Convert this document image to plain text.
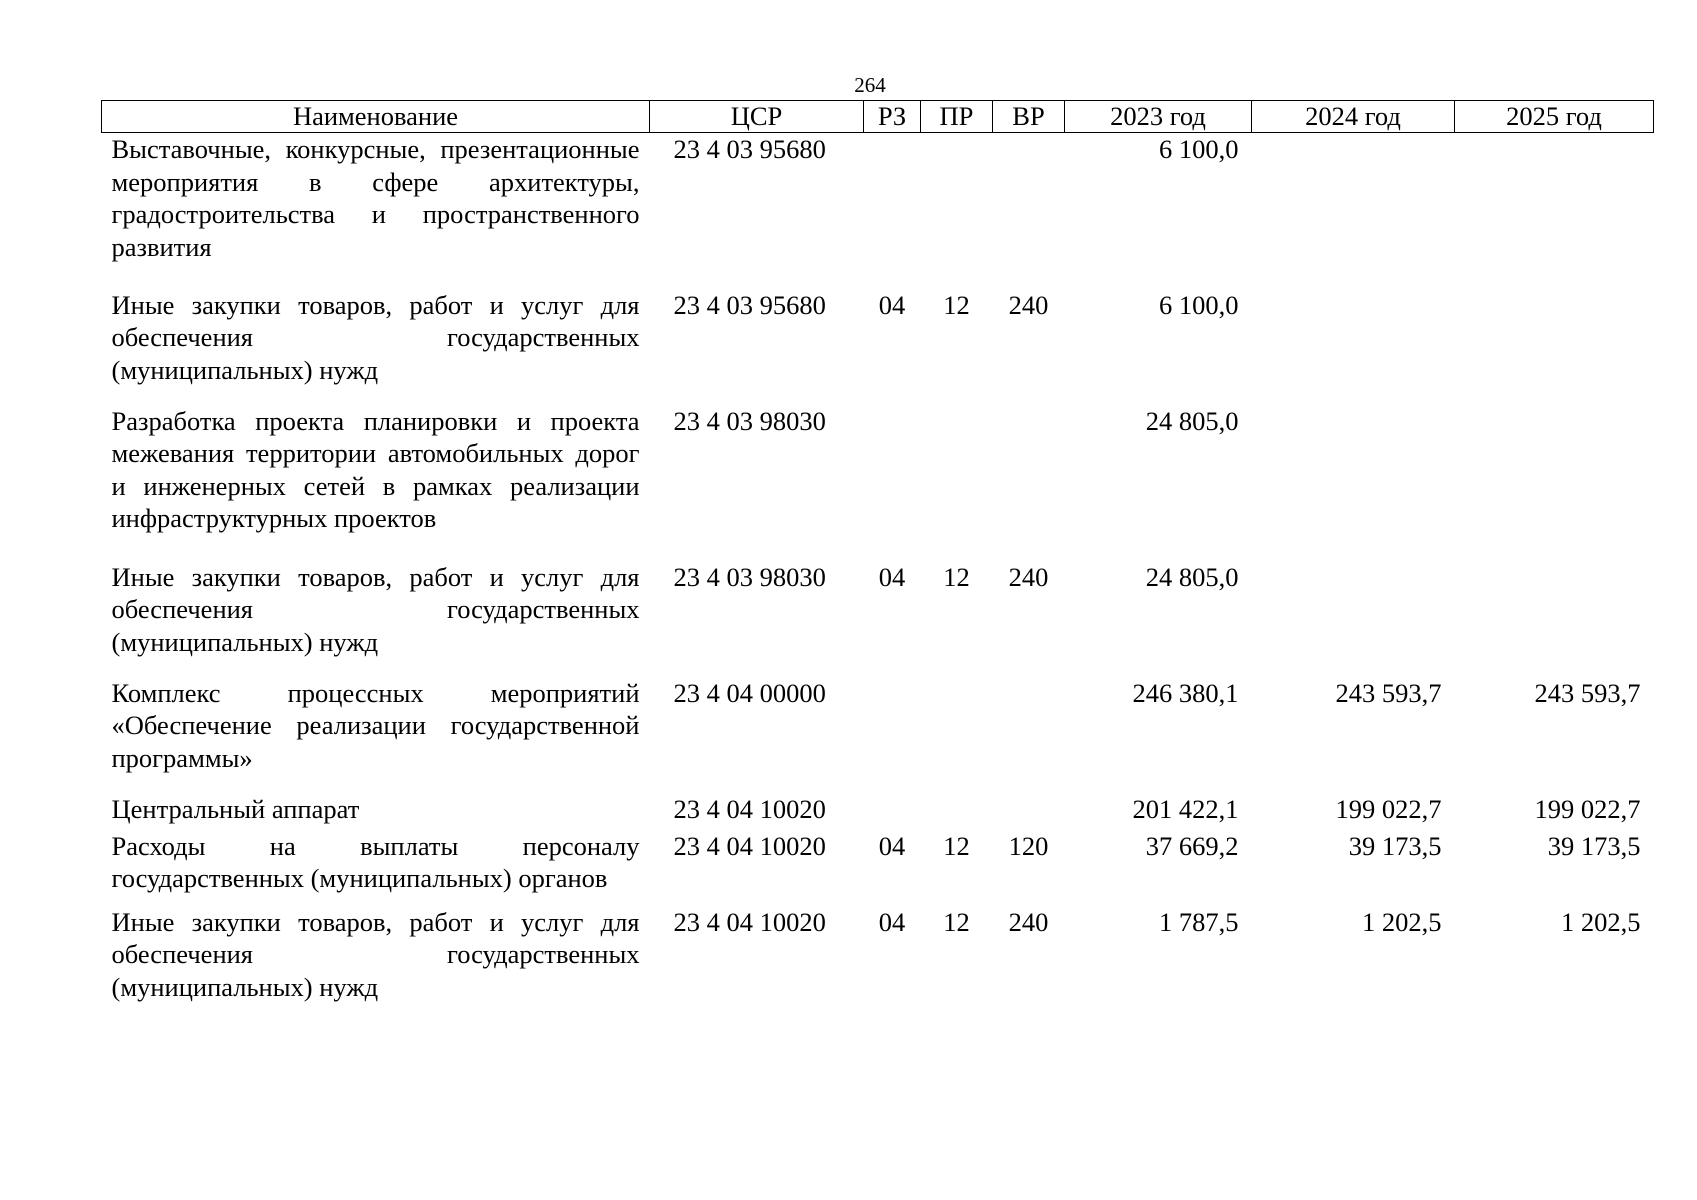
264
Наименование	ЦСР	РЗ	ПР	ВР	2023 год	2024 год	2025 год
Выставочные, конкурсные, презентационные мероприятия в сфере архитектуры, градостроительства и пространственного развития	23 4 03 95680				6 100,0		
Иные закупки товаров, работ и услуг для обеспечения государственных (муниципальных) нужд	23 4 03 95680	04	12	240	6 100,0		
Разработка проекта планировки и проекта межевания территории автомобильных дорог и инженерных сетей в рамках реализации инфраструктурных проектов	23 4 03 98030				24 805,0		
Иные закупки товаров, работ и услуг для обеспечения государственных (муниципальных) нужд	23 4 03 98030	04	12	240	24 805,0		
Комплекс процессных мероприятий «Обеспечение реализации государственной программы»	23 4 04 00000				246 380,1	243 593,7	243 593,7
Центральный аппарат	23 4 04 10020				201 422,1	199 022,7	199 022,7
Расходы на выплаты персоналу государственных (муниципальных) органов	23 4 04 10020	04	12	120	37 669,2	39 173,5	39 173,5
Иные закупки товаров, работ и услуг для обеспечения государственных (муниципальных) нужд	23 4 04 10020	04	12	240	1 787,5	1 202,5	1 202,5
